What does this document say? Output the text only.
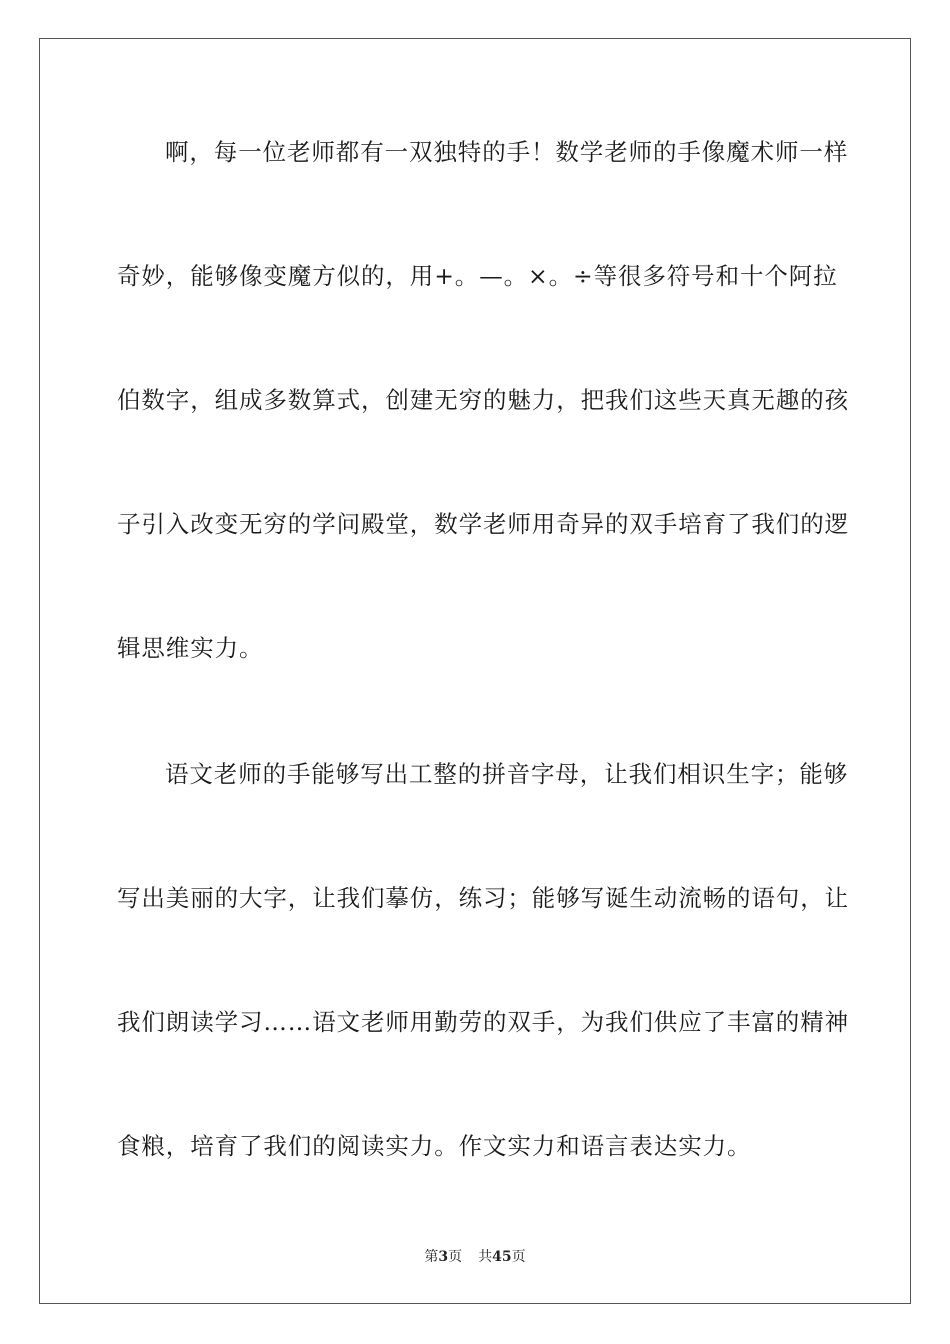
啊，每一位老师都有一双独特的手！数学老师的手像魔术师一样
奇妙，能够像变魔方似的，用+。—。×。÷等很多符号和十个阿拉
伯数字，组成多数算式，创建无穷的魅力，把我们这些天真无趣的孩
子引入改变无穷的学问殿堂，数学老师用奇异的双手培育了我们的逻
辑思维实力。
语文老师的手能够写出工整的拼音字母，让我们相识生字；能够
写出美丽的大字，让我们摹仿，练习；能够写诞生动流畅的语句，让
我们朗读学习……语文老师用勤劳的双手，为我们供应了丰富的精神
食粮，培育了我们的阅读实力。作文实力和语言表达实力。
第3页 共45页
